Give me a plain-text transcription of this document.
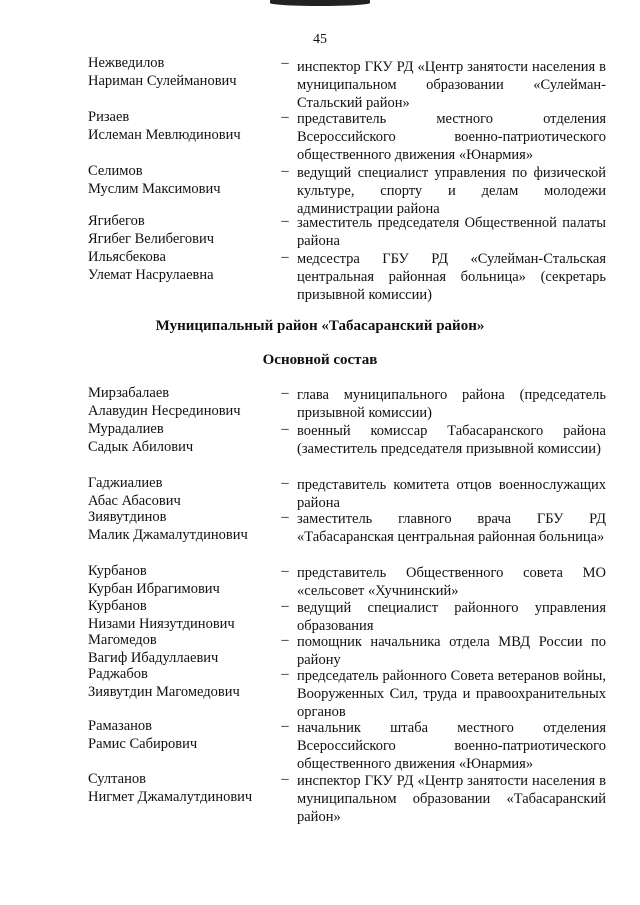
45
Нежведилов
Нариман Сулейманович
– инспектор ГКУ РД «Центр занятости населения в муниципальном образовании «Сулейман-Стальский район»
Ризаев
Ислеман Мевлюдинович
– представитель местного отделения Всероссийского военно-патриотического общественного движения «Юнармия»
Селимов
Муслим Максимович
– ведущий специалист управления по физической культуре, спорту и делам молодежи администрации района
Ягибегов
Ягибег Велибегович
– заместитель председателя Общественной палаты района
Ильясбекова
Улемат Насрулаевна
– медсестра ГБУ РД «Сулейман-Стальская центральная районная больница» (секретарь призывной комиссии)
Муниципальный район «Табасаранский район»
Основной состав
Мирзабалаев
Алавудин Несрединович
– глава муниципального района (председатель призывной комиссии)
Мурадалиев
Садык Абилович
– военный комиссар Табасаранского района (заместитель председателя призывной комиссии)
Гаджиалиев
Абас Абасович
– представитель комитета отцов военнослужащих района
Зиявутдинов
Малик Джамалутдинович
– заместитель главного врача ГБУ РД «Табасаранская центральная районная больница»
Курбанов
Курбан Ибрагимович
– представитель Общественного совета МО «сельсовет «Хучнинский»
Курбанов
Низами Ниязутдинович
– ведущий специалист районного управления образования
Магомедов
Вагиф Ибадуллаевич
– помощник начальника отдела МВД России по району
Раджабов
Зиявутдин Магомедович
– председатель районного Совета ветеранов войны, Вооруженных Сил, труда и правоохранительных органов
Рамазанов
Рамис Сабирович
– начальник штаба местного отделения Всероссийского военно-патриотического общественного движения «Юнармия»
Султанов
Нигмет Джамалутдинович
– инспектор ГКУ РД «Центр занятости населения в муниципальном образовании «Табасаранский район»
